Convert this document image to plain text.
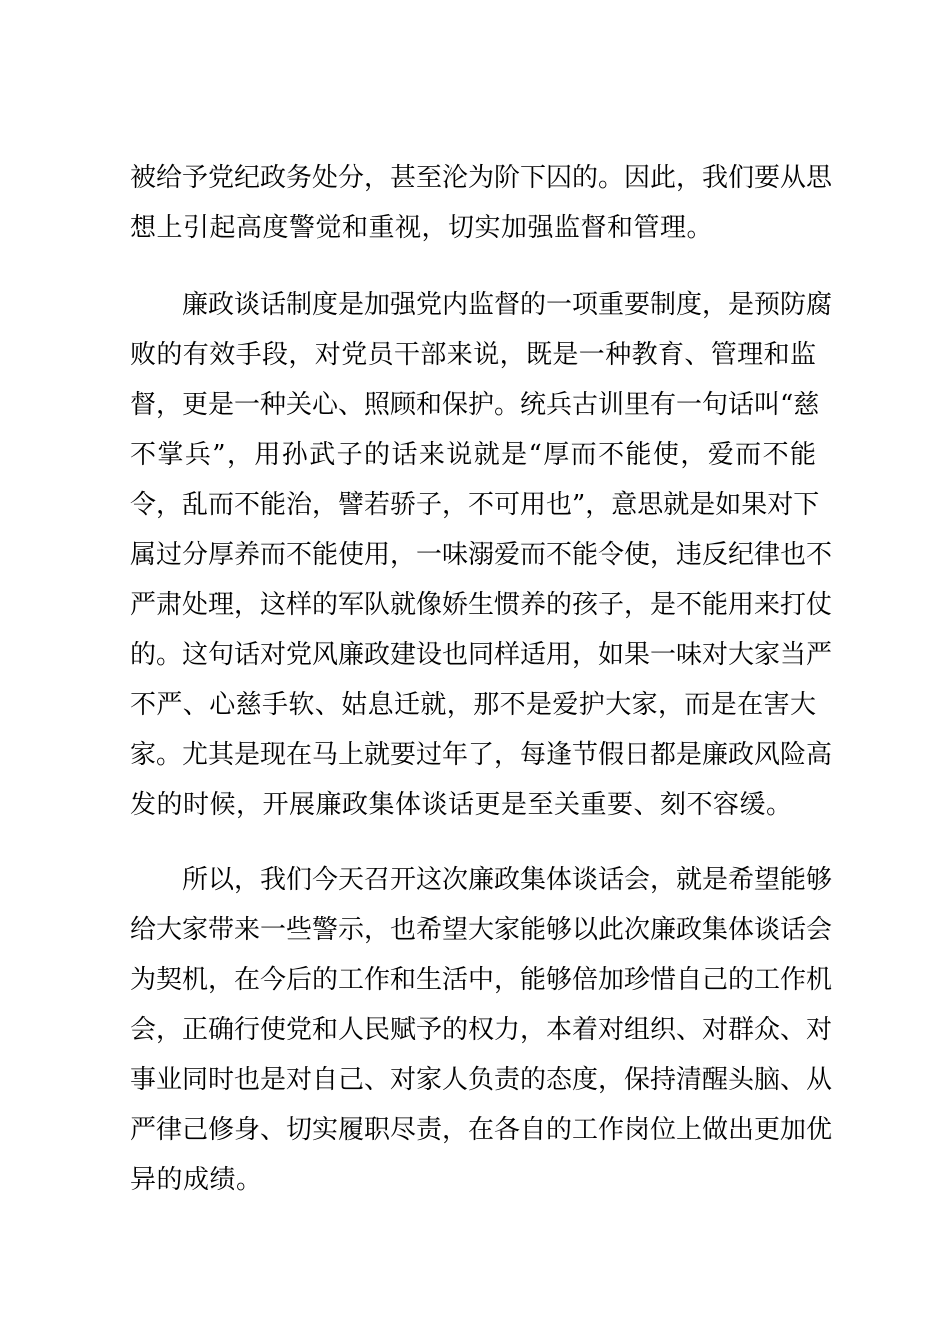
被给予党纪政务处分，甚至沦为阶下囚的。因此，我们要从思
想上引起高度警觉和重视，切实加强监督和管理。
廉政谈话制度是加强党内监督的一项重要制度，是预防腐
败的有效手段，对党员干部来说，既是一种教育、管理和监
督，更是一种关心、照顾和保护。统兵古训里有一句话叫“慈
不掌兵”，用孙武子的话来说就是“厚而不能使，爱而不能
令，乱而不能治，譬若骄子，不可用也”，意思就是如果对下
属过分厚养而不能使用，一味溺爱而不能令使，违反纪律也不
严肃处理，这样的军队就像娇生惯养的孩子，是不能用来打仗
的。这句话对党风廉政建设也同样适用，如果一味对大家当严
不严、心慈手软、姑息迁就，那不是爱护大家，而是在害大
家。尤其是现在马上就要过年了，每逢节假日都是廉政风险高
发的时候，开展廉政集体谈话更是至关重要、刻不容缓。
所以，我们今天召开这次廉政集体谈话会，就是希望能够
给大家带来一些警示，也希望大家能够以此次廉政集体谈话会
为契机，在今后的工作和生活中，能够倍加珍惜自己的工作机
会，正确行使党和人民赋予的权力，本着对组织、对群众、对
事业同时也是对自己、对家人负责的态度，保持清醒头脑、从
严律己修身、切实履职尽责，在各自的工作岗位上做出更加优
异的成绩。
